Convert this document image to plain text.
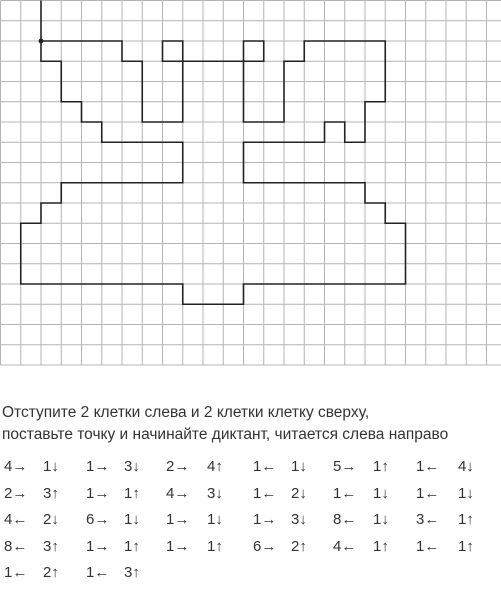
Отступите 2 клетки слева и 2 клетки клетку сверху,

поставьте точку и начинайте диктант, читается слева направо

4→ 1↓ 1→ 3↓ 2→ 4↑ 1← 1↓ 5→ 1↑ 1← 4↓
2→ 3↑ 1→ 1↑ 4→ 3↓ 1← 2↓ 1← 1↓ 1← 1↓
4← 2↓ 6→ 1↓ 1→ 1↓ 1→ 3↓ 8← 1↓ 3← 1↑
8← 3↑ 1→ 1↑ 1→ 1↑ 6→ 2↑ 4← 1↑ 1← 1↑
1← 2↑ 1← 3↑
